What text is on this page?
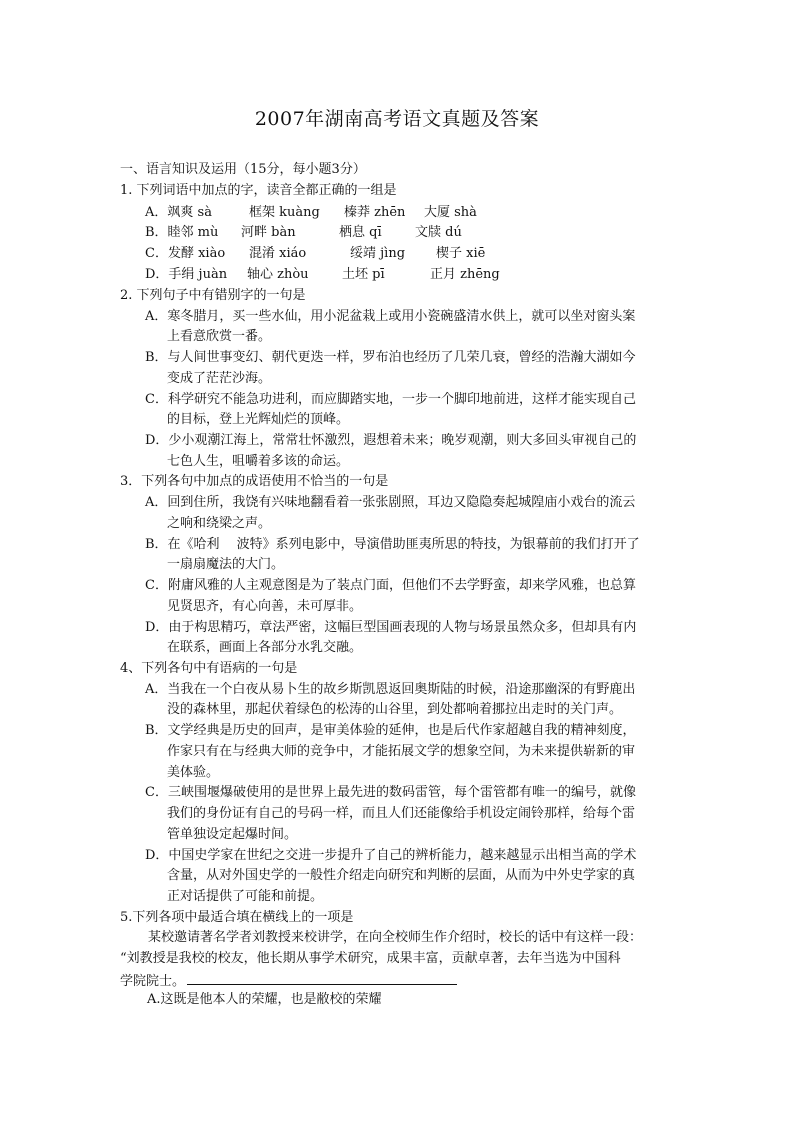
2007年湖南高考语文真题及答案
一、语言知识及运用（15分，每小题3分）
1. 下列词语中加点的字，读音全都正确的一组是
A．飒爽 sà	框架 kuàng 榛莽 zhēn 大厦 shà
B．睦邻 mù 河畔 bàn	栖息 qī	文牍 dú
C．发酵 xiào 混淆 xiáo	绥靖 jìng 楔子 xiē
D．手绢 juàn 轴心 zhòu	土坯 pī	正月 zhēng
2. 下列句子中有错别字的一句是
A．寒冬腊月，买一些水仙，用小泥盆栽上或用小瓷碗盛清水供上，就可以坐对窗头案
上看意欣赏一番。
B．与人间世事变幻、朝代更迭一样，罗布泊也经历了几荣几衰，曾经的浩瀚大湖如今
变成了茫茫沙海。
C．科学研究不能急功进利，而应脚踏实地，一步一个脚印地前进，这样才能实现自己
的目标，登上光辉灿烂的顶峰。
D．少小观潮江海上，常常壮怀激烈，遐想着未来；晚岁观潮，则大多回头审视自己的
七色人生，咀嚼着多该的命运。
3．下列各句中加点的成语使用不恰当的一句是
A．回到住所，我饶有兴味地翻看着一张张剧照，耳边又隐隐奏起城隍庙小戏台的流云
之响和绕梁之声。
B．在《哈利　 波特》系列电影中，导演借助匪夷所思的特技，为银幕前的我们打开了
一扇扇魔法的大门。
C．附庸风雅的人主观意图是为了装点门面，但他们不去学野蛮，却来学风雅，也总算
见贤思齐，有心向善，未可厚非。
D．由于构思精巧，章法严密，这幅巨型国画表现的人物与场景虽然众多，但却具有内
在联系，画面上各部分水乳交融。
4、下列各句中有语病的一句是
A．当我在一个白夜从易卜生的故乡斯凯恩返回奥斯陆的时候，沿途那幽深的有野鹿出
没的森林里，那起伏着绿色的松涛的山谷里，到处都响着挪拉出走时的关门声。
B．文学经典是历史的回声，是审美体验的延伸，也是后代作家超越自我的精神刻度，
作家只有在与经典大师的竞争中，才能拓展文学的想象空间，为未来提供崭新的审
美体验。
C．三峡围堰爆破使用的是世界上最先进的数码雷管，每个雷管都有唯一的编号，就像
我们的身份证有自己的号码一样，而且人们还能像给手机设定闹铃那样，给每个雷
管单独设定起爆时间。
D．中国史学家在世纪之交进一步提升了自己的辨析能力，越来越显示出相当高的学术
含量，从对外国史学的一般性介绍走向研究和判断的层面，从而为中外史学家的真
正对话提供了可能和前提。
5.下列各项中最适合填在横线上的一项是
某校邀请著名学者刘教授来校讲学，在向全校师生作介绍时，校长的话中有这样一段：
“刘教授是我校的校友，他长期从事学术研究，成果丰富，贡献卓著，去年当选为中国科
学院院士。
A.这既是他本人的荣耀，也是敝校的荣耀
